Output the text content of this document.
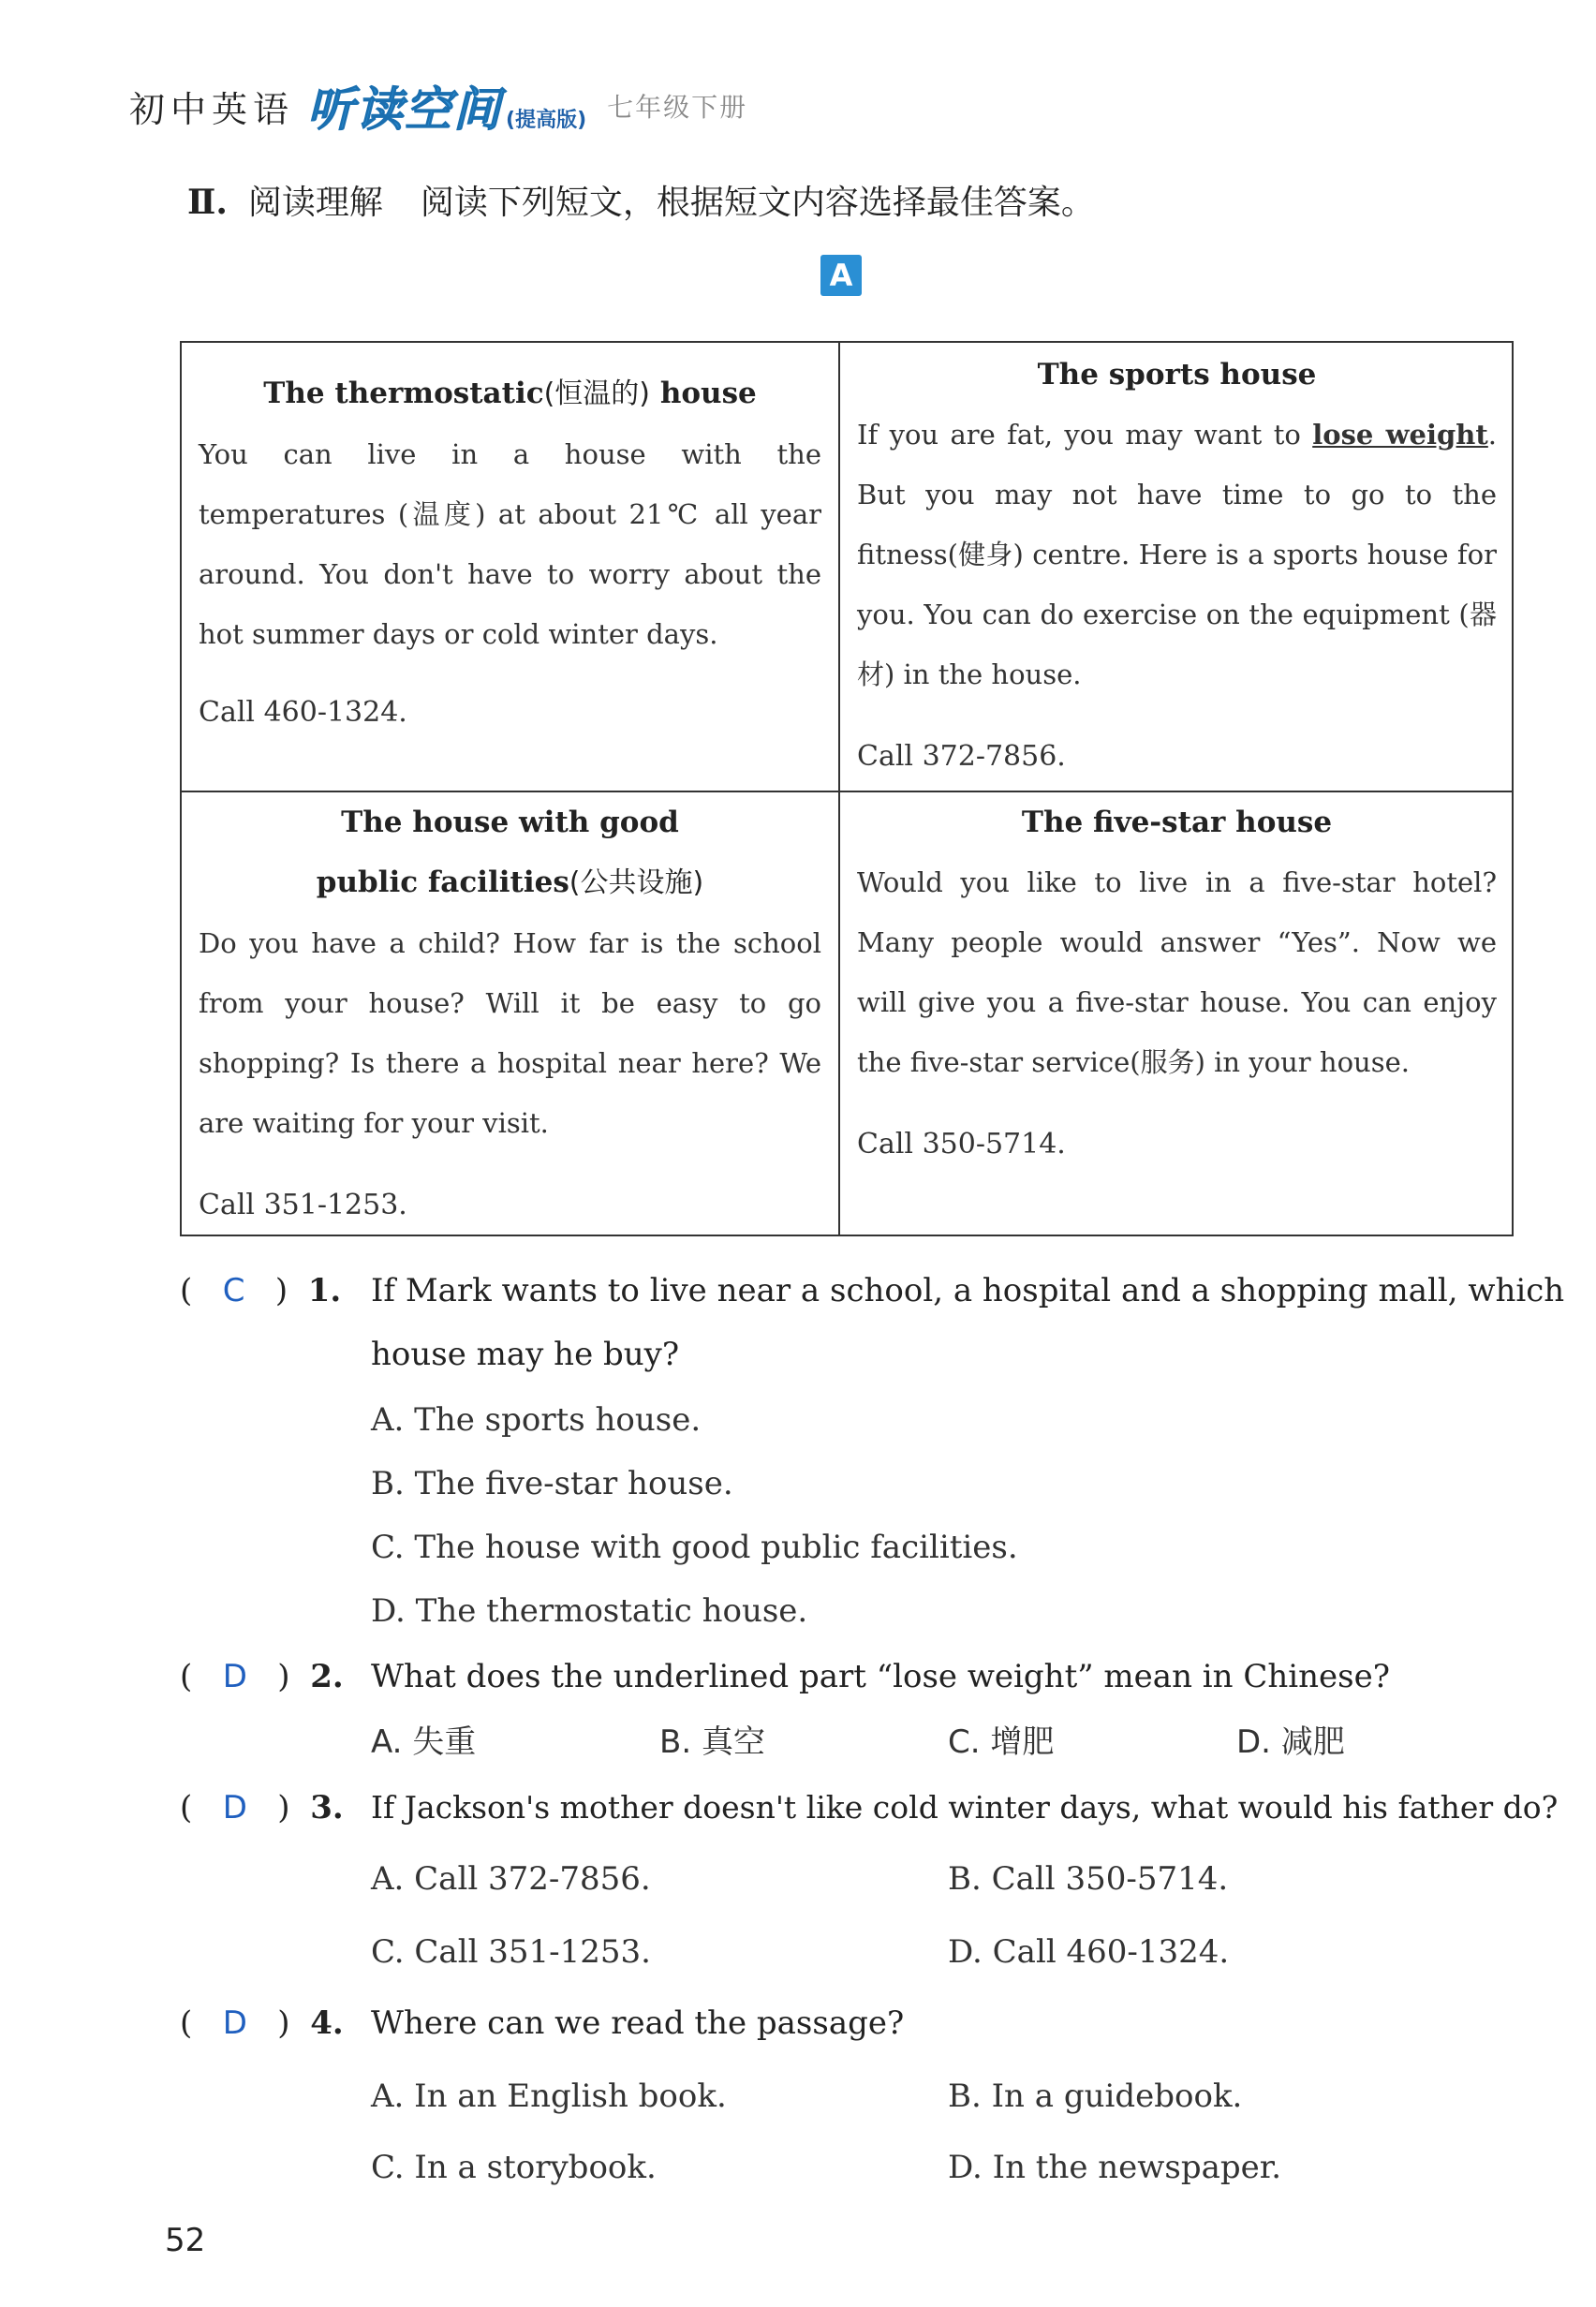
初中英语 听读空间 (提高版) 七年级下册
Ⅱ. 阅读理解 阅读下列短文，根据短文内容选择最佳答案。
A
The thermostatic(恒温的) house
You can live in a house with the temperatures (温度) at about 21℃ all year around. You don't have to worry about the hot summer days or cold winter days.
Call 460-1324.
The sports house
If you are fat, you may want to lose weight. But you may not have time to go to the fitness(健身) centre. Here is a sports house for you. You can do exercise on the equipment (器材) in the house.
Call 372-7856.
The house with good
public facilities(公共设施)
Do you have a child? How far is the school from your house? Will it be easy to go shopping? Is there a hospital near here? We are waiting for your visit.
Call 351-1253.
The five-star house
Would you like to live in a five-star hotel? Many people would answer “Yes”. Now we will give you a five-star house. You can enjoy the five-star service(服务) in your house.
Call 350-5714.
(   C   )  1. If Mark wants to live near a school, a hospital and a shopping mall, which
house may he buy?
A. The sports house.
B. The five-star house.
C. The house with good public facilities.
D. The thermostatic house.
(   D   )  2. What does the underlined part “lose weight” mean in Chinese?
A. 失重	B. 真空	C. 增肥	D. 减肥
(   D   )  3. If Jackson's mother doesn't like cold winter days, what would his father do?
A. Call 372-7856.	B. Call 350-5714.
C. Call 351-1253.	D. Call 460-1324.
(   D   )  4. Where can we read the passage?
A. In an English book.	B. In a guidebook.
C. In a storybook.	D. In the newspaper.
52
